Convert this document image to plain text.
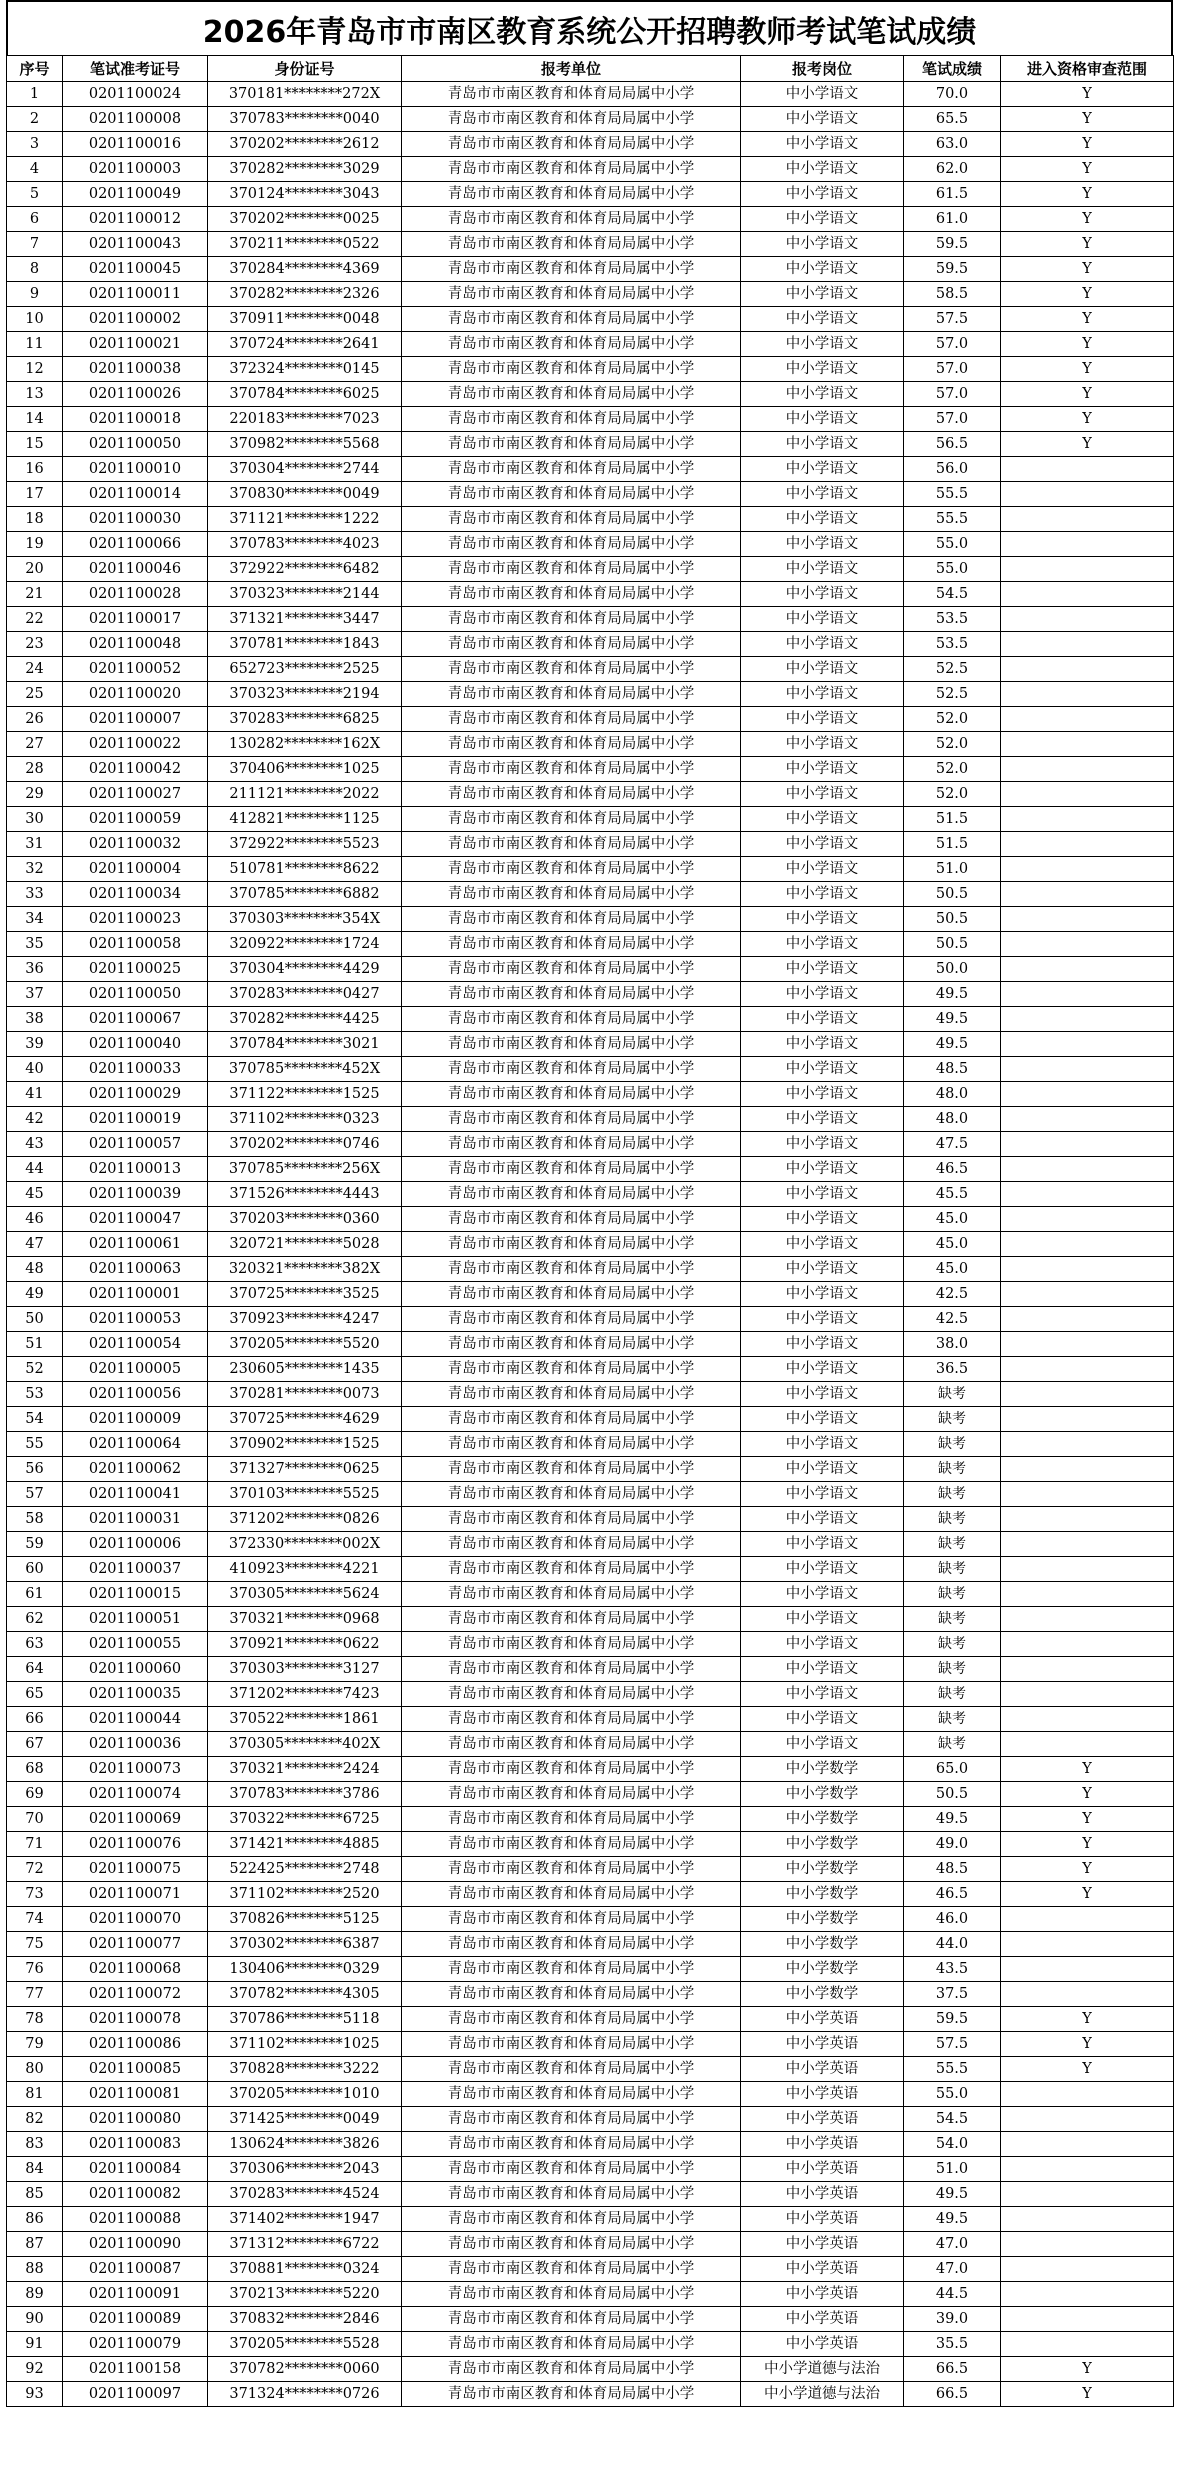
2026年青岛市市南区教育系统公开招聘教师考试笔试成绩
序号	笔试准考证号	身份证号	报考单位	报考岗位	笔试成绩	进入资格审查范围
1	0201100024	370181********272X	青岛市市南区教育和体育局局属中小学	中小学语文	70.0	Y
2	0201100008	370783********0040	青岛市市南区教育和体育局局属中小学	中小学语文	65.5	Y
3	0201100016	370202********2612	青岛市市南区教育和体育局局属中小学	中小学语文	63.0	Y
4	0201100003	370282********3029	青岛市市南区教育和体育局局属中小学	中小学语文	62.0	Y
5	0201100049	370124********3043	青岛市市南区教育和体育局局属中小学	中小学语文	61.5	Y
6	0201100012	370202********0025	青岛市市南区教育和体育局局属中小学	中小学语文	61.0	Y
7	0201100043	370211********0522	青岛市市南区教育和体育局局属中小学	中小学语文	59.5	Y
8	0201100045	370284********4369	青岛市市南区教育和体育局局属中小学	中小学语文	59.5	Y
9	0201100011	370282********2326	青岛市市南区教育和体育局局属中小学	中小学语文	58.5	Y
10	0201100002	370911********0048	青岛市市南区教育和体育局局属中小学	中小学语文	57.5	Y
11	0201100021	370724********2641	青岛市市南区教育和体育局局属中小学	中小学语文	57.0	Y
12	0201100038	372324********0145	青岛市市南区教育和体育局局属中小学	中小学语文	57.0	Y
13	0201100026	370784********6025	青岛市市南区教育和体育局局属中小学	中小学语文	57.0	Y
14	0201100018	220183********7023	青岛市市南区教育和体育局局属中小学	中小学语文	57.0	Y
15	0201100050	370982********5568	青岛市市南区教育和体育局局属中小学	中小学语文	56.5	Y
16	0201100010	370304********2744	青岛市市南区教育和体育局局属中小学	中小学语文	56.0	
17	0201100014	370830********0049	青岛市市南区教育和体育局局属中小学	中小学语文	55.5	
18	0201100030	371121********1222	青岛市市南区教育和体育局局属中小学	中小学语文	55.5	
19	0201100066	370783********4023	青岛市市南区教育和体育局局属中小学	中小学语文	55.0	
20	0201100046	372922********6482	青岛市市南区教育和体育局局属中小学	中小学语文	55.0	
21	0201100028	370323********2144	青岛市市南区教育和体育局局属中小学	中小学语文	54.5	
22	0201100017	371321********3447	青岛市市南区教育和体育局局属中小学	中小学语文	53.5	
23	0201100048	370781********1843	青岛市市南区教育和体育局局属中小学	中小学语文	53.5	
24	0201100052	652723********2525	青岛市市南区教育和体育局局属中小学	中小学语文	52.5	
25	0201100020	370323********2194	青岛市市南区教育和体育局局属中小学	中小学语文	52.5	
26	0201100007	370283********6825	青岛市市南区教育和体育局局属中小学	中小学语文	52.0	
27	0201100022	130282********162X	青岛市市南区教育和体育局局属中小学	中小学语文	52.0	
28	0201100042	370406********1025	青岛市市南区教育和体育局局属中小学	中小学语文	52.0	
29	0201100027	211121********2022	青岛市市南区教育和体育局局属中小学	中小学语文	52.0	
30	0201100059	412821********1125	青岛市市南区教育和体育局局属中小学	中小学语文	51.5	
31	0201100032	372922********5523	青岛市市南区教育和体育局局属中小学	中小学语文	51.5	
32	0201100004	510781********8622	青岛市市南区教育和体育局局属中小学	中小学语文	51.0	
33	0201100034	370785********6882	青岛市市南区教育和体育局局属中小学	中小学语文	50.5	
34	0201100023	370303********354X	青岛市市南区教育和体育局局属中小学	中小学语文	50.5	
35	0201100058	320922********1724	青岛市市南区教育和体育局局属中小学	中小学语文	50.5	
36	0201100025	370304********4429	青岛市市南区教育和体育局局属中小学	中小学语文	50.0	
37	0201100050	370283********0427	青岛市市南区教育和体育局局属中小学	中小学语文	49.5	
38	0201100067	370282********4425	青岛市市南区教育和体育局局属中小学	中小学语文	49.5	
39	0201100040	370784********3021	青岛市市南区教育和体育局局属中小学	中小学语文	49.5	
40	0201100033	370785********452X	青岛市市南区教育和体育局局属中小学	中小学语文	48.5	
41	0201100029	371122********1525	青岛市市南区教育和体育局局属中小学	中小学语文	48.0	
42	0201100019	371102********0323	青岛市市南区教育和体育局局属中小学	中小学语文	48.0	
43	0201100057	370202********0746	青岛市市南区教育和体育局局属中小学	中小学语文	47.5	
44	0201100013	370785********256X	青岛市市南区教育和体育局局属中小学	中小学语文	46.5	
45	0201100039	371526********4443	青岛市市南区教育和体育局局属中小学	中小学语文	45.5	
46	0201100047	370203********0360	青岛市市南区教育和体育局局属中小学	中小学语文	45.0	
47	0201100061	320721********5028	青岛市市南区教育和体育局局属中小学	中小学语文	45.0	
48	0201100063	320321********382X	青岛市市南区教育和体育局局属中小学	中小学语文	45.0	
49	0201100001	370725********3525	青岛市市南区教育和体育局局属中小学	中小学语文	42.5	
50	0201100053	370923********4247	青岛市市南区教育和体育局局属中小学	中小学语文	42.5	
51	0201100054	370205********5520	青岛市市南区教育和体育局局属中小学	中小学语文	38.0	
52	0201100005	230605********1435	青岛市市南区教育和体育局局属中小学	中小学语文	36.5	
53	0201100056	370281********0073	青岛市市南区教育和体育局局属中小学	中小学语文	缺考	
54	0201100009	370725********4629	青岛市市南区教育和体育局局属中小学	中小学语文	缺考	
55	0201100064	370902********1525	青岛市市南区教育和体育局局属中小学	中小学语文	缺考	
56	0201100062	371327********0625	青岛市市南区教育和体育局局属中小学	中小学语文	缺考	
57	0201100041	370103********5525	青岛市市南区教育和体育局局属中小学	中小学语文	缺考	
58	0201100031	371202********0826	青岛市市南区教育和体育局局属中小学	中小学语文	缺考	
59	0201100006	372330********002X	青岛市市南区教育和体育局局属中小学	中小学语文	缺考	
60	0201100037	410923********4221	青岛市市南区教育和体育局局属中小学	中小学语文	缺考	
61	0201100015	370305********5624	青岛市市南区教育和体育局局属中小学	中小学语文	缺考	
62	0201100051	370321********0968	青岛市市南区教育和体育局局属中小学	中小学语文	缺考	
63	0201100055	370921********0622	青岛市市南区教育和体育局局属中小学	中小学语文	缺考	
64	0201100060	370303********3127	青岛市市南区教育和体育局局属中小学	中小学语文	缺考	
65	0201100035	371202********7423	青岛市市南区教育和体育局局属中小学	中小学语文	缺考	
66	0201100044	370522********1861	青岛市市南区教育和体育局局属中小学	中小学语文	缺考	
67	0201100036	370305********402X	青岛市市南区教育和体育局局属中小学	中小学语文	缺考	
68	0201100073	370321********2424	青岛市市南区教育和体育局局属中小学	中小学数学	65.0	Y
69	0201100074	370783********3786	青岛市市南区教育和体育局局属中小学	中小学数学	50.5	Y
70	0201100069	370322********6725	青岛市市南区教育和体育局局属中小学	中小学数学	49.5	Y
71	0201100076	371421********4885	青岛市市南区教育和体育局局属中小学	中小学数学	49.0	Y
72	0201100075	522425********2748	青岛市市南区教育和体育局局属中小学	中小学数学	48.5	Y
73	0201100071	371102********2520	青岛市市南区教育和体育局局属中小学	中小学数学	46.5	Y
74	0201100070	370826********5125	青岛市市南区教育和体育局局属中小学	中小学数学	46.0	
75	0201100077	370302********6387	青岛市市南区教育和体育局局属中小学	中小学数学	44.0	
76	0201100068	130406********0329	青岛市市南区教育和体育局局属中小学	中小学数学	43.5	
77	0201100072	370782********4305	青岛市市南区教育和体育局局属中小学	中小学数学	37.5	
78	0201100078	370786********5118	青岛市市南区教育和体育局局属中小学	中小学英语	59.5	Y
79	0201100086	371102********1025	青岛市市南区教育和体育局局属中小学	中小学英语	57.5	Y
80	0201100085	370828********3222	青岛市市南区教育和体育局局属中小学	中小学英语	55.5	Y
81	0201100081	370205********1010	青岛市市南区教育和体育局局属中小学	中小学英语	55.0	
82	0201100080	371425********0049	青岛市市南区教育和体育局局属中小学	中小学英语	54.5	
83	0201100083	130624********3826	青岛市市南区教育和体育局局属中小学	中小学英语	54.0	
84	0201100084	370306********2043	青岛市市南区教育和体育局局属中小学	中小学英语	51.0	
85	0201100082	370283********4524	青岛市市南区教育和体育局局属中小学	中小学英语	49.5	
86	0201100088	371402********1947	青岛市市南区教育和体育局局属中小学	中小学英语	49.5	
87	0201100090	371312********6722	青岛市市南区教育和体育局局属中小学	中小学英语	47.0	
88	0201100087	370881********0324	青岛市市南区教育和体育局局属中小学	中小学英语	47.0	
89	0201100091	370213********5220	青岛市市南区教育和体育局局属中小学	中小学英语	44.5	
90	0201100089	370832********2846	青岛市市南区教育和体育局局属中小学	中小学英语	39.0	
91	0201100079	370205********5528	青岛市市南区教育和体育局局属中小学	中小学英语	35.5	
92	0201100158	370782********0060	青岛市市南区教育和体育局局属中小学	中小学道德与法治	66.5	Y
93	0201100097	371324********0726	青岛市市南区教育和体育局局属中小学	中小学道德与法治	66.5	Y
